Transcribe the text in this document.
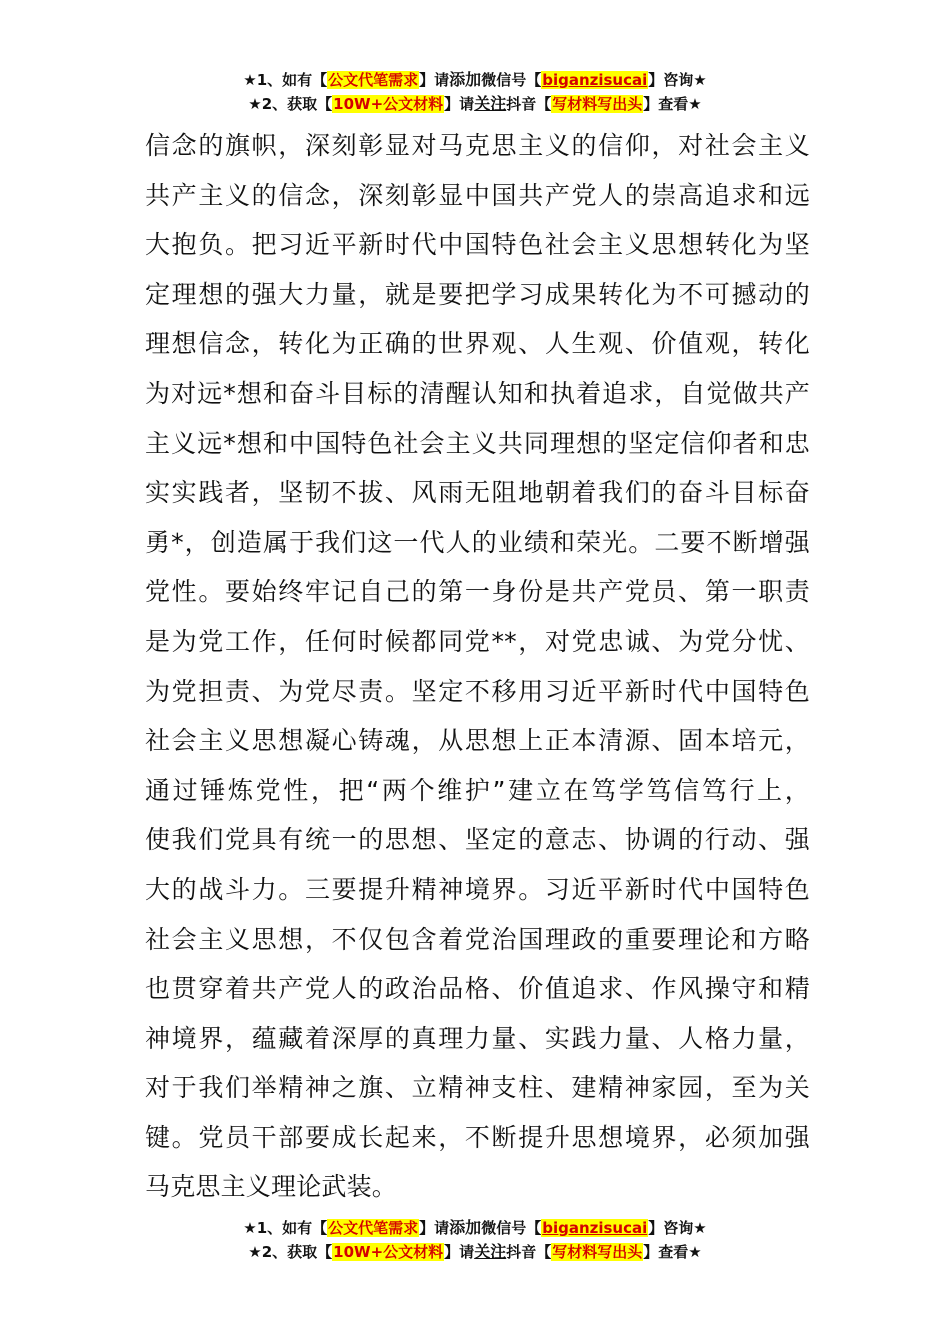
★1、如有【公文代笔需求】请添加微信号【biganzisucai】咨询★
★2、获取【10W+公文材料】请关注抖音【写材料写出头】查看★
信念的旗帜，深刻彰显对马克思主义的信仰，对社会主义
共产主义的信念，深刻彰显中国共产党人的崇高追求和远
大抱负。把习近平新时代中国特色社会主义思想转化为坚
定理想的强大力量，就是要把学习成果转化为不可撼动的
理想信念，转化为正确的世界观、人生观、价值观，转化
为对远*想和奋斗目标的清醒认知和执着追求，自觉做共产
主义远*想和中国特色社会主义共同理想的坚定信仰者和忠
实实践者，坚韧不拔、风雨无阻地朝着我们的奋斗目标奋
勇*，创造属于我们这一代人的业绩和荣光。二要不断增强
党性。要始终牢记自己的第一身份是共产党员、第一职责
是为党工作，任何时候都同党**，对党忠诚、为党分忧、
为党担责、为党尽责。坚定不移用习近平新时代中国特色
社会主义思想凝心铸魂，从思想上正本清源、固本培元，
通过锤炼党性，把“两个维护”建立在笃学笃信笃行上，
使我们党具有统一的思想、坚定的意志、协调的行动、强
大的战斗力。三要提升精神境界。习近平新时代中国特色
社会主义思想，不仅包含着党治国理政的重要理论和方略
也贯穿着共产党人的政治品格、价值追求、作风操守和精
神境界，蕴藏着深厚的真理力量、实践力量、人格力量，
对于我们举精神之旗、立精神支柱、建精神家园，至为关
键。党员干部要成长起来，不断提升思想境界，必须加强
马克思主义理论武装。
★1、如有【公文代笔需求】请添加微信号【biganzisucai】咨询★
★2、获取【10W+公文材料】请关注抖音【写材料写出头】查看★
